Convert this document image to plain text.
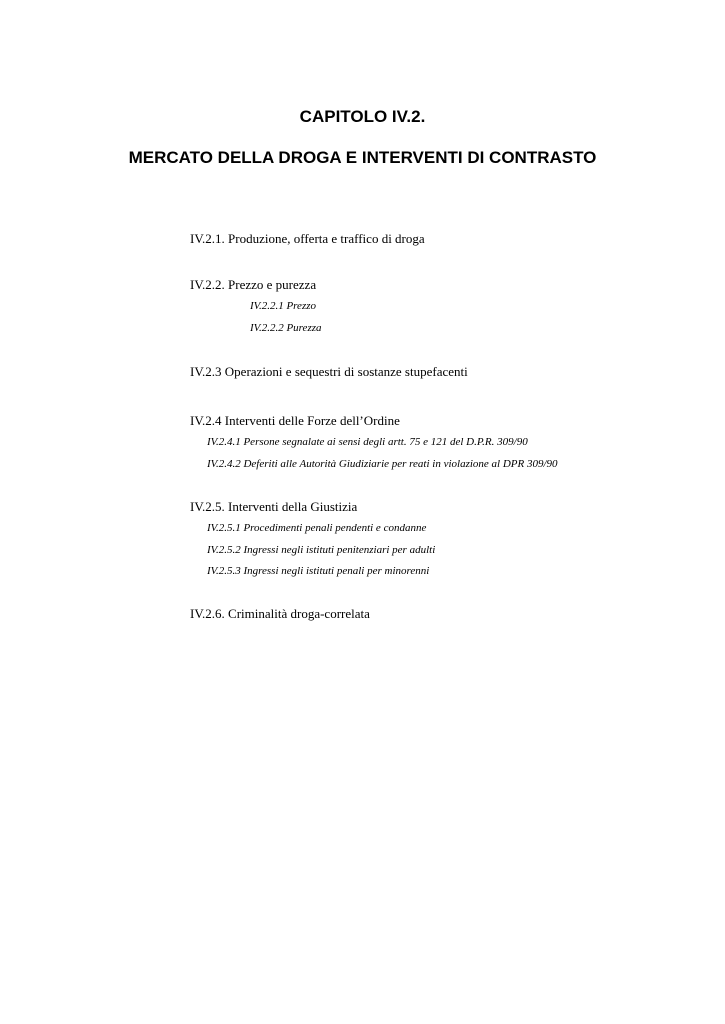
CAPITOLO IV.2.
MERCATO DELLA DROGA E INTERVENTI DI CONTRASTO

IV.2.1. Produzione, offerta e traffico di droga

IV.2.2. Prezzo e purezza

IV.2.2.1 Prezzo

IV.2.2.2 Purezza

IV.2.3 Operazioni e sequestri di sostanze stupefacenti

IV.2.4 Interventi delle Forze dell’Ordine

IV.2.4.1 Persone segnalate ai sensi degli artt. 75 e 121 del D.P.R. 309/90

IV.2.4.2 Deferiti alle Autorità Giudiziarie per reati in violazione al DPR 309/90

IV.2.5. Interventi della Giustizia

IV.2.5.1 Procedimenti penali pendenti e condanne

IV.2.5.2 Ingressi negli istituti penitenziari per adulti

IV.2.5.3 Ingressi negli istituti penali per minorenni

IV.2.6. Criminalità droga-correlata
